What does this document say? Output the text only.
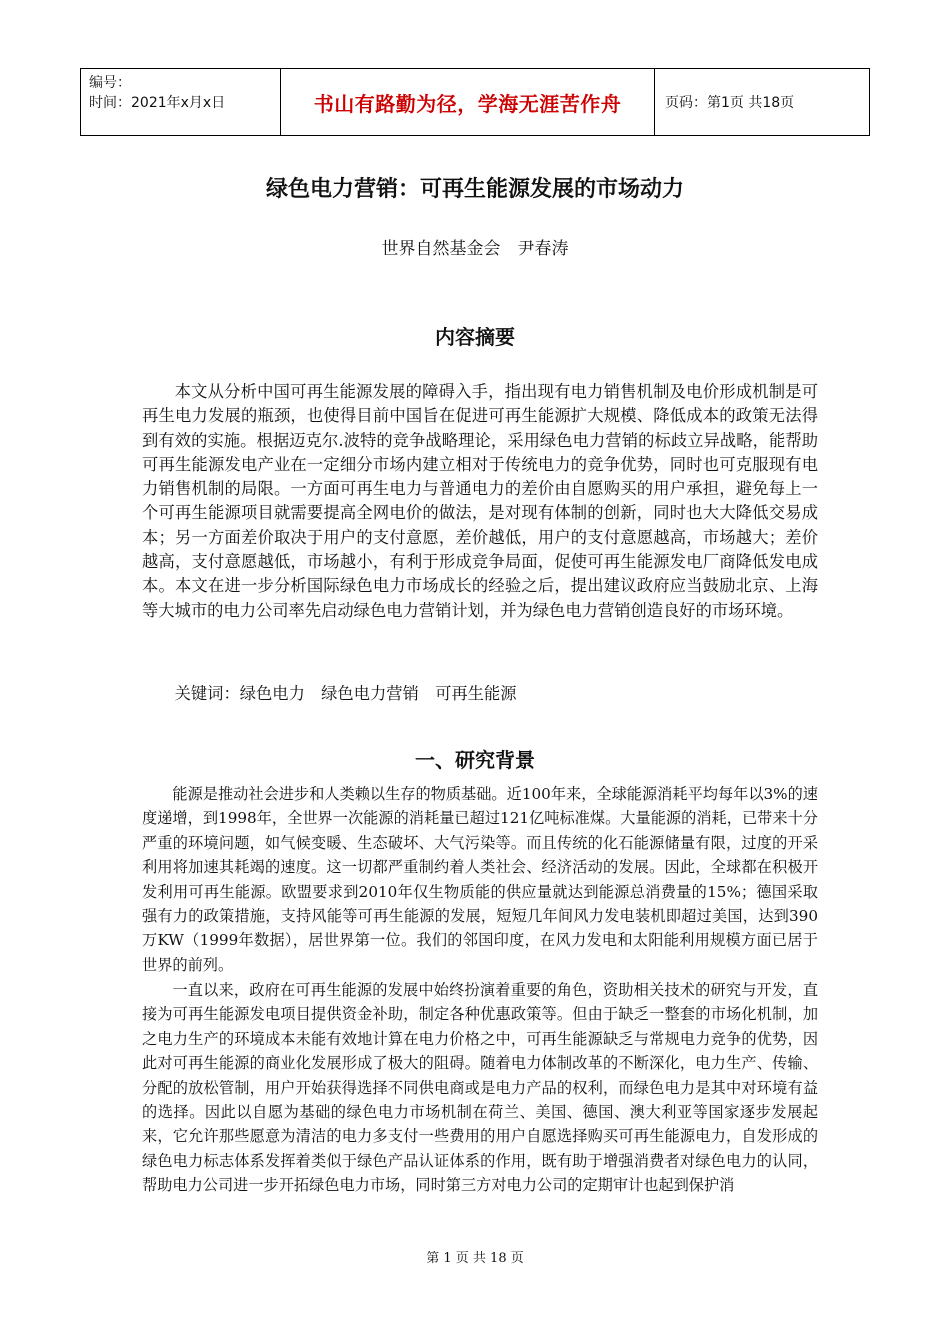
编号：
时间：2021年x月x日	书山有路勤为径，学海无涯苦作舟	页码：第1页 共18页
绿色电力营销：可再生能源发展的市场动力

世界自然基金会　尹春涛

内容摘要

本文从分析中国可再生能源发展的障碍入手，指出现有电力销售机制及电价形成机制是可再生电力发展的瓶颈，也使得目前中国旨在促进可再生能源扩大规模、降低成本的政策无法得到有效的实施。根据迈克尔.波特的竞争战略理论，采用绿色电力营销的标歧立异战略，能帮助可再生能源发电产业在一定细分市场内建立相对于传统电力的竞争优势，同时也可克服现有电力销售机制的局限。一方面可再生电力与普通电力的差价由自愿购买的用户承担，避免每上一个可再生能源项目就需要提高全网电价的做法，是对现有体制的创新，同时也大大降低交易成本；另一方面差价取决于用户的支付意愿，差价越低，用户的支付意愿越高，市场越大；差价越高，支付意愿越低，市场越小，有利于形成竞争局面，促使可再生能源发电厂商降低发电成本。本文在进一步分析国际绿色电力市场成长的经验之后，提出建议政府应当鼓励北京、上海等大城市的电力公司率先启动绿色电力营销计划，并为绿色电力营销创造良好的市场环境。

关键词：绿色电力　绿色电力营销　可再生能源

一、研究背景

能源是推动社会进步和人类赖以生存的物质基础。近100年来，全球能源消耗平均每年以3%的速度递增，到1998年，全世界一次能源的消耗量已超过121亿吨标准煤。大量能源的消耗，已带来十分严重的环境问题，如气候变暖、生态破坏、大气污染等。而且传统的化石能源储量有限，过度的开采利用将加速其耗竭的速度。这一切都严重制约着人类社会、经济活动的发展。因此，全球都在积极开发利用可再生能源。欧盟要求到2010年仅生物质能的供应量就达到能源总消费量的15%；德国采取强有力的政策措施，支持风能等可再生能源的发展，短短几年间风力发电装机即超过美国，达到390万KW（1999年数据），居世界第一位。我们的邻国印度，在风力发电和太阳能利用规模方面已居于世界的前列。

一直以来，政府在可再生能源的发展中始终扮演着重要的角色，资助相关技术的研究与开发，直接为可再生能源发电项目提供资金补助，制定各种优惠政策等。但由于缺乏一整套的市场化机制，加之电力生产的环境成本未能有效地计算在电力价格之中，可再生能源缺乏与常规电力竞争的优势，因此对可再生能源的商业化发展形成了极大的阻碍。随着电力体制改革的不断深化，电力生产、传输、分配的放松管制，用户开始获得选择不同供电商或是电力产品的权利，而绿色电力是其中对环境有益的选择。因此以自愿为基础的绿色电力市场机制在荷兰、美国、德国、澳大利亚等国家逐步发展起来，它允许那些愿意为清洁的电力多支付一些费用的用户自愿选择购买可再生能源电力，自发形成的绿色电力标志体系发挥着类似于绿色产品认证体系的作用，既有助于增强消费者对绿色电力的认同，帮助电力公司进一步开拓绿色电力市场，同时第三方对电力公司的定期审计也起到保护消

第 1 页 共 18 页
